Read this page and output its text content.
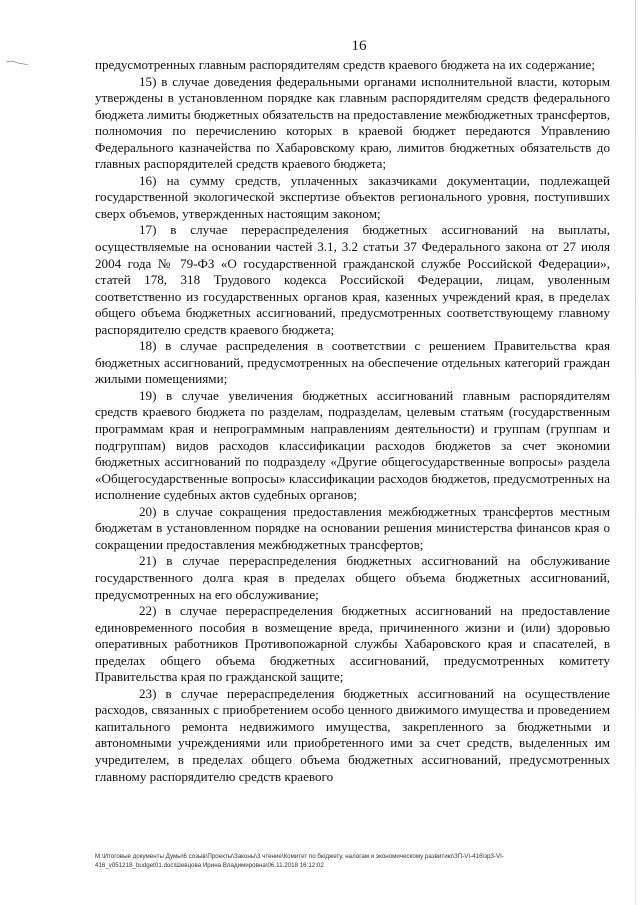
16

предусмотренных главным распорядителям средств краевого бюджета на их содержание;

15) в случае доведения федеральными органами исполнительной власти, которым утверждены в установленном порядке как главным распорядителям средств федерального бюджета лимиты бюджетных обязательств на предоставление межбюджетных трансфертов, полномочия по перечислению которых в краевой бюджет передаются Управлению Федерального казначейства по Хабаровскому краю, лимитов бюджетных обязательств до главных распорядителей средств краевого бюджета;

16) на сумму средств, уплаченных заказчиками документации, подлежащей государственной экологической экспертизе объектов регионального уровня, поступивших сверх объемов, утвержденных настоящим законом;

17) в случае перераспределения бюджетных ассигнований на выплаты, осуществляемые на основании частей 3.1, 3.2 статьи 37 Федерального закона от 27 июля 2004 года № 79-ФЗ «О государственной гражданской службе Российской Федерации», статей 178, 318 Трудового кодекса Российской Федерации, лицам, уволенным соответственно из государственных органов края, казенных учреждений края, в пределах общего объема бюджетных ассигнований, предусмотренных соответствующему главному распорядителю средств краевого бюджета;

18) в случае распределения в соответствии с решением Правительства края бюджетных ассигнований, предусмотренных на обеспечение отдельных категорий граждан жилыми помещениями;

19) в случае увеличения бюджетных ассигнований главным распорядителям средств краевого бюджета по разделам, подразделам, целевым статьям (государственным программам края и непрограммным направлениям деятельности) и группам (группам и подгруппам) видов расходов классификации расходов бюджетов за счет экономии бюджетных ассигнований по подразделу «Другие общегосударственные вопросы» раздела «Общегосударственные вопросы» классификации расходов бюджетов, предусмотренных на исполнение судебных актов судебных органов;

20) в случае сокращения предоставления межбюджетных трансфертов местным бюджетам в установленном порядке на основании решения министерства финансов края о сокращении предоставления межбюджетных трансфертов;

21) в случае перераспределения бюджетных ассигнований на обслуживание государственного долга края в пределах общего объема бюджетных ассигнований, предусмотренных на его обслуживание;

22) в случае перераспределения бюджетных ассигнований на предоставление единовременного пособия в возмещение вреда, причиненного жизни и (или) здоровью оперативных работников Противопожарной службы Хабаровского края и спасателей, в пределах общего объема бюджетных ассигнований, предусмотренных комитету Правительства края по гражданской защите;

23) в случае перераспределения бюджетных ассигнований на осуществление расходов, связанных с приобретением особо ценного движимого имущества и проведением капитального ремонта недвижимого имущества, закрепленного за бюджетными и автономными учреждениями или приобретенного ими за счет средств, выделенных им учредителем, в пределах общего объема бюджетных ассигнований, предусмотренных главному распорядителю средств краевого

M:\Итоговые документы Думы\6 созыв\Проекты\Законы\3 чтение\Комитет по бюджету, налогам и экономическому развитию\ЗП-VI-416\зр3-VI-
416_v051218_budget01.doc\Шевцова Ирина Владимировна\06.11.2018 16:12:02
